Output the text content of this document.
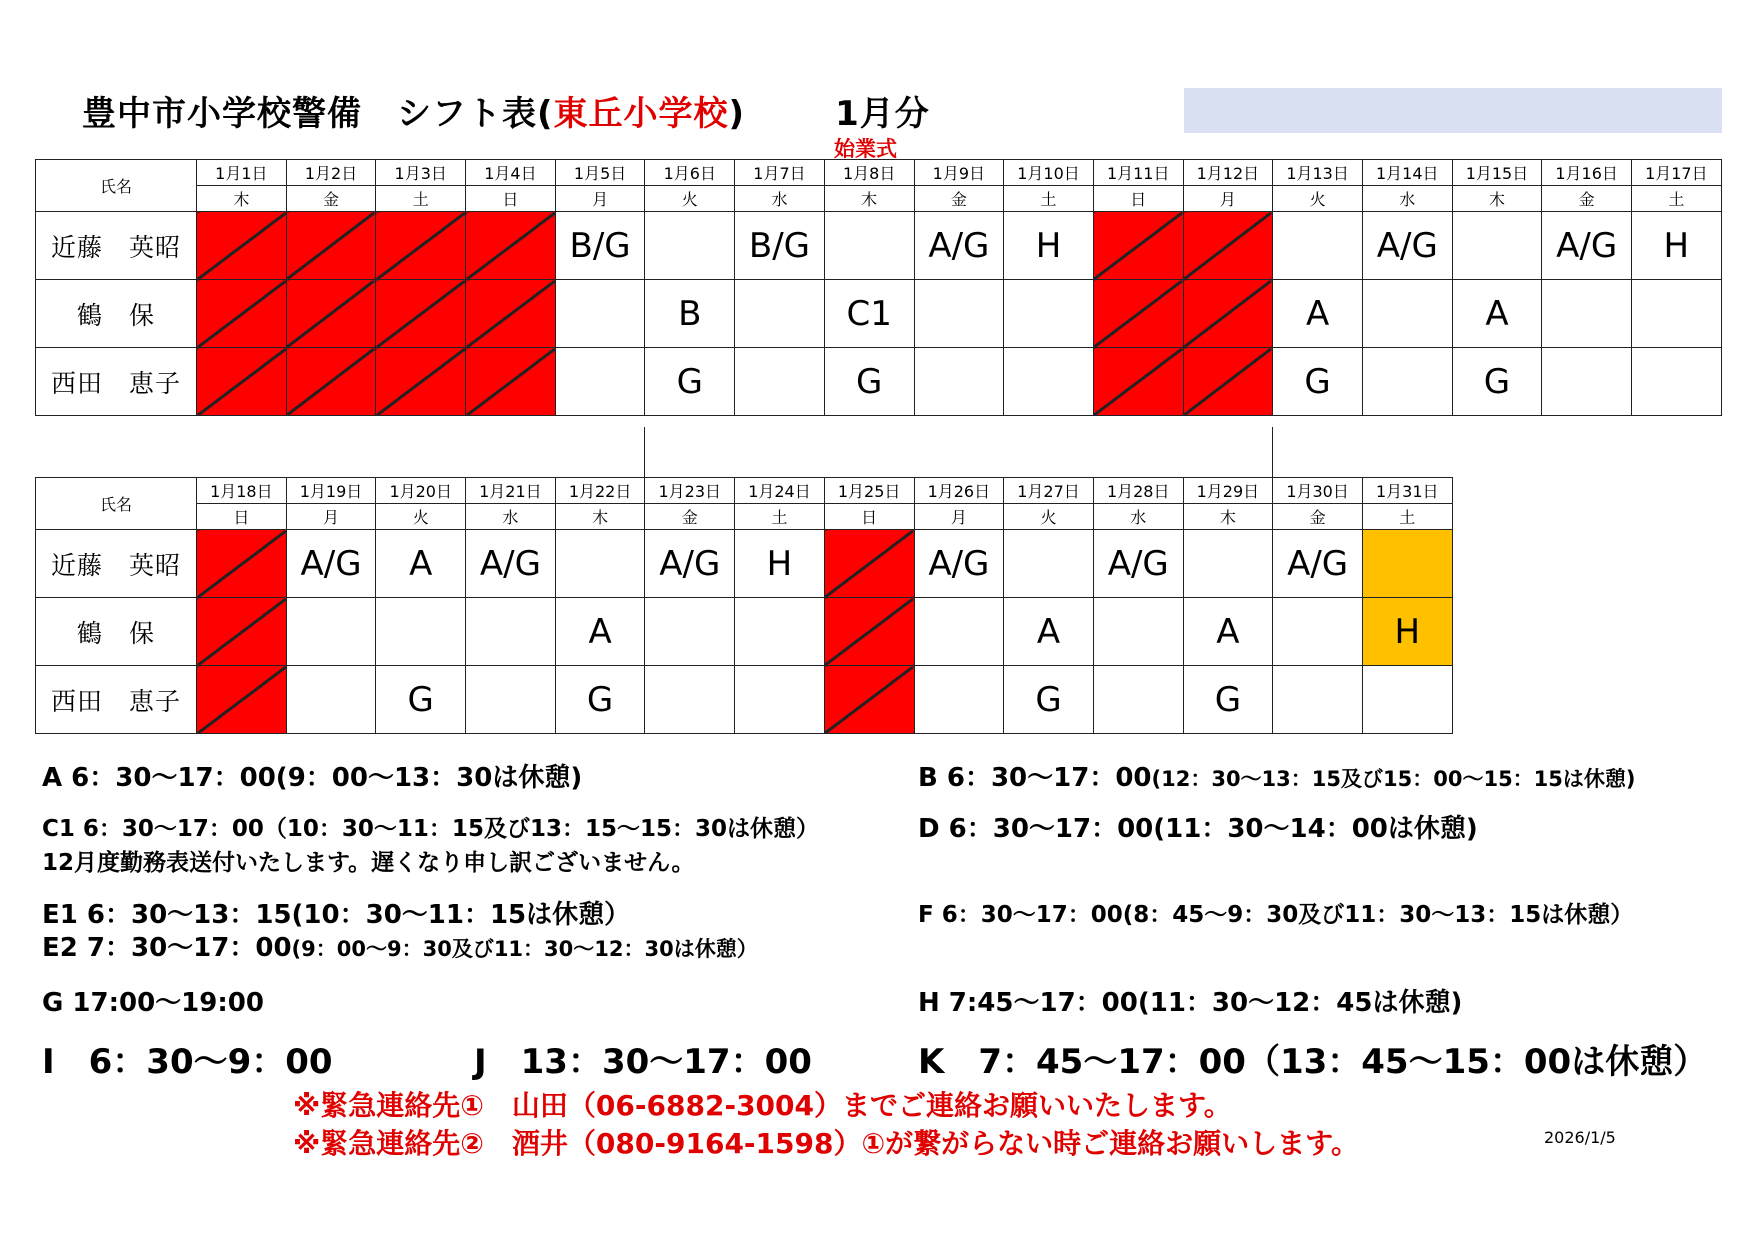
豊中市小学校警備　シフト表(東丘小学校)	1月分
始業式
氏名	1月1日	1月2日	1月3日	1月4日	1月5日	1月6日	1月7日	1月8日	1月9日	1月10日	1月11日	1月12日	1月13日	1月14日	1月15日	1月16日	1月17日
	木	金	土	日	月	火	水	木	金	土	日	月	火	水	木	金	土
近藤　英昭					B/G		B/G		A/G	H				A/G		A/G	H
鶴　保						B		C1					A		A		
西田　恵子						G		G					G		G		
氏名	1月18日	1月19日	1月20日	1月21日	1月22日	1月23日	1月24日	1月25日	1月26日	1月27日	1月28日	1月29日	1月30日	1月31日
	日	月	火	水	木	金	土	日	月	火	水	木	金	土
近藤　英昭		A/G	A	A/G		A/G	H		A/G		A/G		A/G	
鶴　保					A					A		A		H
西田　恵子			G		G					G		G		
A 6：30～17：00(9：00～13：30は休憩)	B 6：30～17：00(12：30～13：15及び15：00～15：15は休憩)
C1 6：30～17：00（10：30～11：15及び13：15～15：30は休憩）
12月度勤務表送付いたします。遅くなり申し訳ございません。
D 6：30～17：00(11：30～14：00は休憩)
E1 6：30～13：15(10：30～11：15は休憩）
E2 7：30～17：00(9：00～9：30及び11：30～12：30は休憩）
F 6：30～17：00(8：45～9：30及び11：30～13：15は休憩）
G 17:00～19:00	H 7:45～17：00(11：30～12：45は休憩)
I　6：30～9：00	J　13：30～17：00	K　7：45～17：00（13：45～15：00は休憩）
※緊急連絡先①　山田（06-6882-3004）までご連絡お願いいたします。
※緊急連絡先②　酒井（080-9164-1598）①が繋がらない時ご連絡お願いします。	2026/1/5
